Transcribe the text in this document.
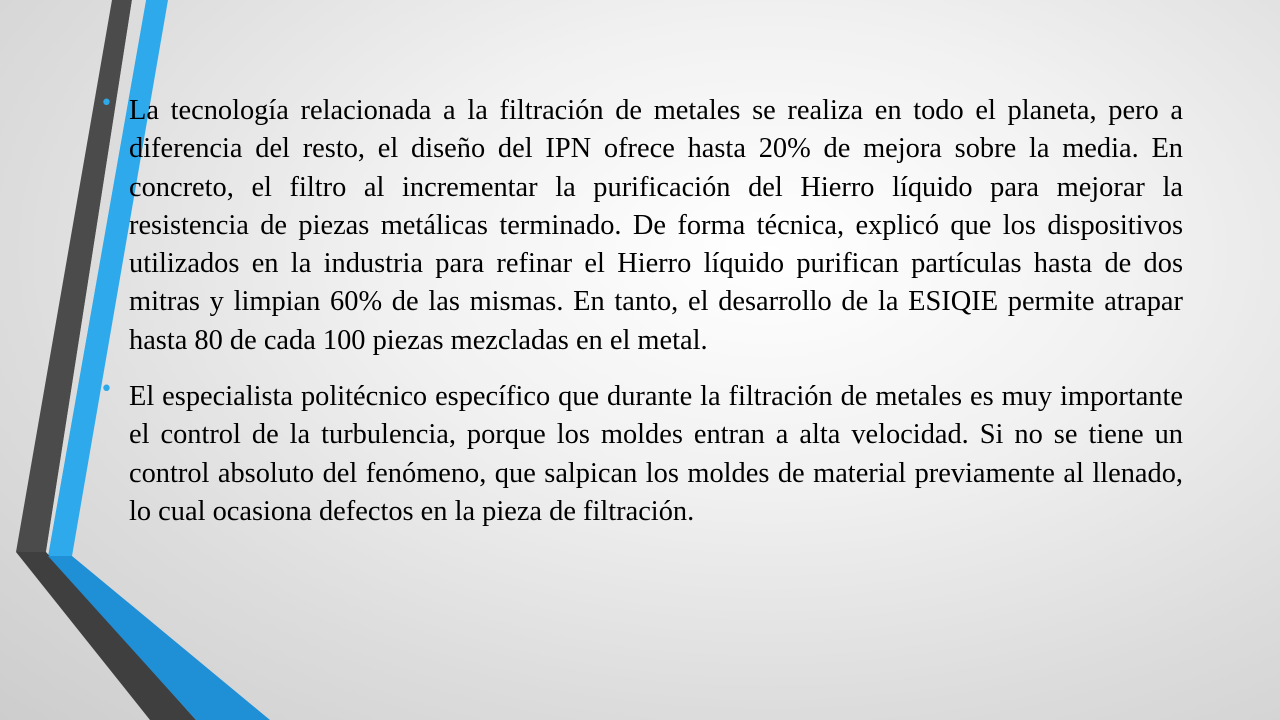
• La tecnología relacionada a la filtración de metales se realiza en todo el planeta, pero a diferencia del resto, el diseño del IPN ofrece hasta 20% de mejora sobre la media. En concreto, el filtro al incrementar la purificación del Hierro líquido para mejorar la resistencia de piezas metálicas terminado. De forma técnica, explicó que los dispositivos utilizados en la industria para refinar el Hierro líquido purifican partículas hasta de dos mitras y limpian 60% de las mismas. En tanto, el desarrollo de la ESIQIE permite atrapar hasta 80 de cada 100 piezas mezcladas en el metal.

• El especialista politécnico específico que durante la filtración de metales es muy importante el control de la turbulencia, porque los moldes entran a alta velocidad. Si no se tiene un control absoluto del fenómeno, que salpican los moldes de material previamente al llenado, lo cual ocasiona defectos en la pieza de filtración.
